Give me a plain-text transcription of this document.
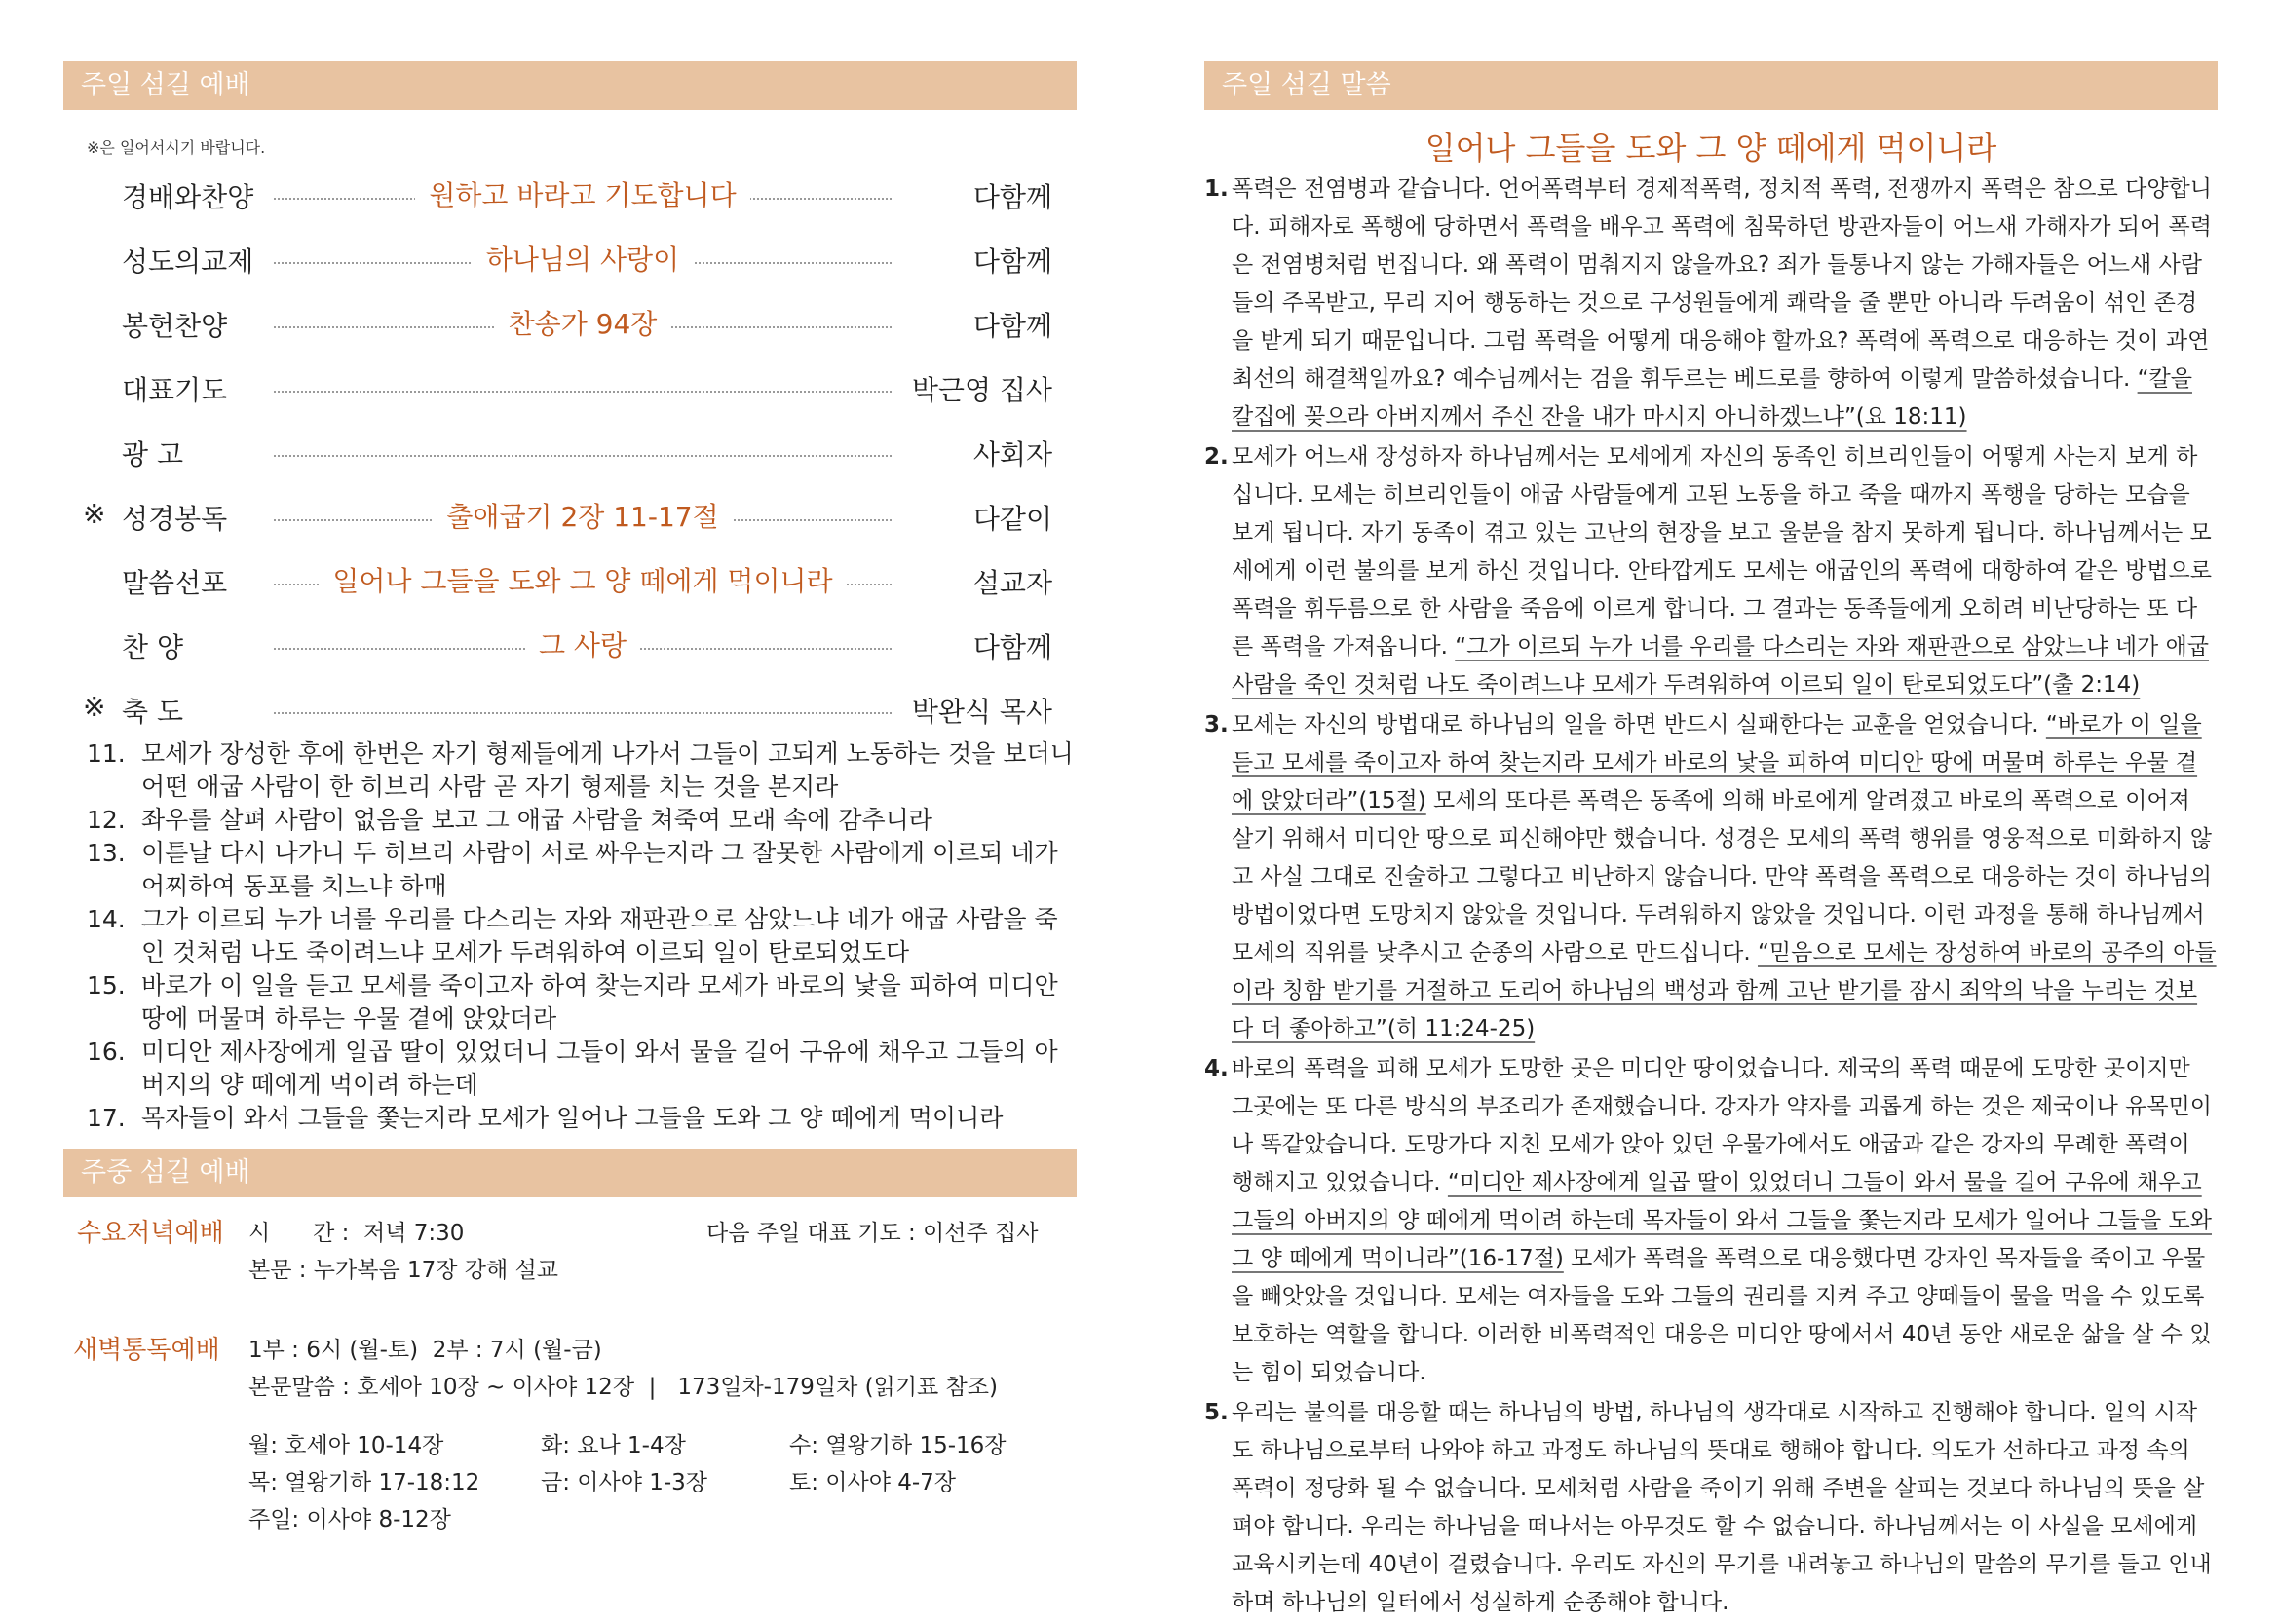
주일 섬길 예배
※은 일어서시기 바랍니다.
경배와찬양	원하고 바라고 기도합니다	다함께
성도의교제	하나님의 사랑이	다함께
봉헌찬양	찬송가 94장	다함께
대표기도	박근영 집사
광 고	사회자
※ 성경봉독	출애굽기 2장 11-17절	다같이
말씀선포	일어나 그들을 도와 그 양 떼에게 먹이니라	설교자
찬 양	그 사랑	다함께
※ 축 도	박완식 목사
11. 모세가 장성한 후에 한번은 자기 형제들에게 나가서 그들이 고되게 노동하는 것을 보더니 어떤 애굽 사람이 한 히브리 사람 곧 자기 형제를 치는 것을 본지라
12. 좌우를 살펴 사람이 없음을 보고 그 애굽 사람을 쳐죽여 모래 속에 감추니라
13. 이튿날 다시 나가니 두 히브리 사람이 서로 싸우는지라 그 잘못한 사람에게 이르되 네가 어찌하여 동포를 치느냐 하매
14. 그가 이르되 누가 너를 우리를 다스리는 자와 재판관으로 삼았느냐 네가 애굽 사람을 죽인 것처럼 나도 죽이려느냐 모세가 두려워하여 이르되 일이 탄로되었도다
15. 바로가 이 일을 듣고 모세를 죽이고자 하여 찾는지라 모세가 바로의 낯을 피하여 미디안 땅에 머물며 하루는 우물 곁에 앉았더라
16. 미디안 제사장에게 일곱 딸이 있었더니 그들이 와서 물을 길어 구유에 채우고 그들의 아버지의 양 떼에게 먹이려 하는데
17. 목자들이 와서 그들을 쫓는지라 모세가 일어나 그들을 도와 그 양 떼에게 먹이니라
주중 섬길 예배
수요저녁예배 시      간 :  저녁 7:30	다음 주일 대표 기도 : 이선주 집사
본문 : 누가복음 17장 강해 설교
새벽통독예배 1부 : 6시 (월-토)  2부 : 7시 (월-금)
본문말씀 : 호세아 10장 ~ 이사야 12장  |   173일차-179일차 (읽기표 참조)
월: 호세아 10-14장	화: 요나 1-4장	수: 열왕기하 15-16장
목: 열왕기하 17-18:12	금: 이사야 1-3장	토: 이사야 4-7장
주일: 이사야 8-12장
주일 섬길 말씀
일어나 그들을 도와 그 양 떼에게 먹이니라
1. 폭력은 전염병과 같습니다. 언어폭력부터 경제적폭력, 정치적 폭력, 전쟁까지 폭력은 참으로 다양합니다. 피해자로 폭행에 당하면서 폭력을 배우고 폭력에 침묵하던 방관자들이 어느새 가해자가 되어 폭력은 전염병처럼 번집니다. 왜 폭력이 멈춰지지 않을까요? 죄가 들통나지 않는 가해자들은 어느새 사람들의 주목받고, 무리 지어 행동하는 것으로 구성원들에게 쾌락을 줄 뿐만 아니라 두려움이 섞인 존경을 받게 되기 때문입니다. 그럼 폭력을 어떻게 대응해야 할까요? 폭력에 폭력으로 대응하는 것이 과연 최선의 해결책일까요? 예수님께서는 검을 휘두르는 베드로를 향하여 이렇게 말씀하셨습니다. “칼을 칼집에 꽂으라 아버지께서 주신 잔을 내가 마시지 아니하겠느냐”(요 18:11)
2. 모세가 어느새 장성하자 하나님께서는 모세에게 자신의 동족인 히브리인들이 어떻게 사는지 보게 하십니다. 모세는 히브리인들이 애굽 사람들에게 고된 노동을 하고 죽을 때까지 폭행을 당하는 모습을 보게 됩니다. 자기 동족이 겪고 있는 고난의 현장을 보고 울분을 참지 못하게 됩니다. 하나님께서는 모세에게 이런 불의를 보게 하신 것입니다. 안타깝게도 모세는 애굽인의 폭력에 대항하여 같은 방법으로 폭력을 휘두름으로 한 사람을 죽음에 이르게 합니다. 그 결과는 동족들에게 오히려 비난당하는 또 다른 폭력을 가져옵니다. “그가 이르되 누가 너를 우리를 다스리는 자와 재판관으로 삼았느냐 네가 애굽 사람을 죽인 것처럼 나도 죽이려느냐 모세가 두려워하여 이르되 일이 탄로되었도다”(출 2:14)
3. 모세는 자신의 방법대로 하나님의 일을 하면 반드시 실패한다는 교훈을 얻었습니다. “바로가 이 일을 듣고 모세를 죽이고자 하여 찾는지라 모세가 바로의 낯을 피하여 미디안 땅에 머물며 하루는 우물 곁에 앉았더라”(15절) 모세의 또다른 폭력은 동족에 의해 바로에게 알려졌고 바로의 폭력으로 이어져 살기 위해서 미디안 땅으로 피신해야만 했습니다. 성경은 모세의 폭력 행위를 영웅적으로 미화하지 않고 사실 그대로 진술하고 그렇다고 비난하지 않습니다. 만약 폭력을 폭력으로 대응하는 것이 하나님의 방법이었다면 도망치지 않았을 것입니다. 두려워하지 않았을 것입니다. 이런 과정을 통해 하나님께서 모세의 직위를 낮추시고 순종의 사람으로 만드십니다. “믿음으로 모세는 장성하여 바로의 공주의 아들이라 칭함 받기를 거절하고 도리어 하나님의 백성과 함께 고난 받기를 잠시 죄악의 낙을 누리는 것보다 더 좋아하고”(히 11:24-25)
4. 바로의 폭력을 피해 모세가 도망한 곳은 미디안 땅이었습니다. 제국의 폭력 때문에 도망한 곳이지만 그곳에는 또 다른 방식의 부조리가 존재했습니다. 강자가 약자를 괴롭게 하는 것은 제국이나 유목민이나 똑같았습니다. 도망가다 지친 모세가 앉아 있던 우물가에서도 애굽과 같은 강자의 무례한 폭력이 행해지고 있었습니다. “미디안 제사장에게 일곱 딸이 있었더니 그들이 와서 물을 길어 구유에 채우고 그들의 아버지의 양 떼에게 먹이려 하는데 목자들이 와서 그들을 쫓는지라 모세가 일어나 그들을 도와 그 양 떼에게 먹이니라”(16-17절) 모세가 폭력을 폭력으로 대응했다면 강자인 목자들을 죽이고 우물을 빼앗았을 것입니다. 모세는 여자들을 도와 그들의 권리를 지켜 주고 양떼들이 물을 먹을 수 있도록 보호하는 역할을 합니다. 이러한 비폭력적인 대응은 미디안 땅에서서 40년 동안 새로운 삶을 살 수 있는 힘이 되었습니다.
5. 우리는 불의를 대응할 때는 하나님의 방법, 하나님의 생각대로 시작하고 진행해야 합니다. 일의 시작도 하나님으로부터 나와야 하고 과정도 하나님의 뜻대로 행해야 합니다. 의도가 선하다고 과정 속의 폭력이 정당화 될 수 없습니다. 모세처럼 사람을 죽이기 위해 주변을 살피는 것보다 하나님의 뜻을 살펴야 합니다. 우리는 하나님을 떠나서는 아무것도 할 수 없습니다. 하나님께서는 이 사실을 모세에게 교육시키는데 40년이 걸렸습니다. 우리도 자신의 무기를 내려놓고 하나님의 말씀의 무기를 들고 인내하며 하나님의 일터에서 성실하게 순종해야 합니다.
